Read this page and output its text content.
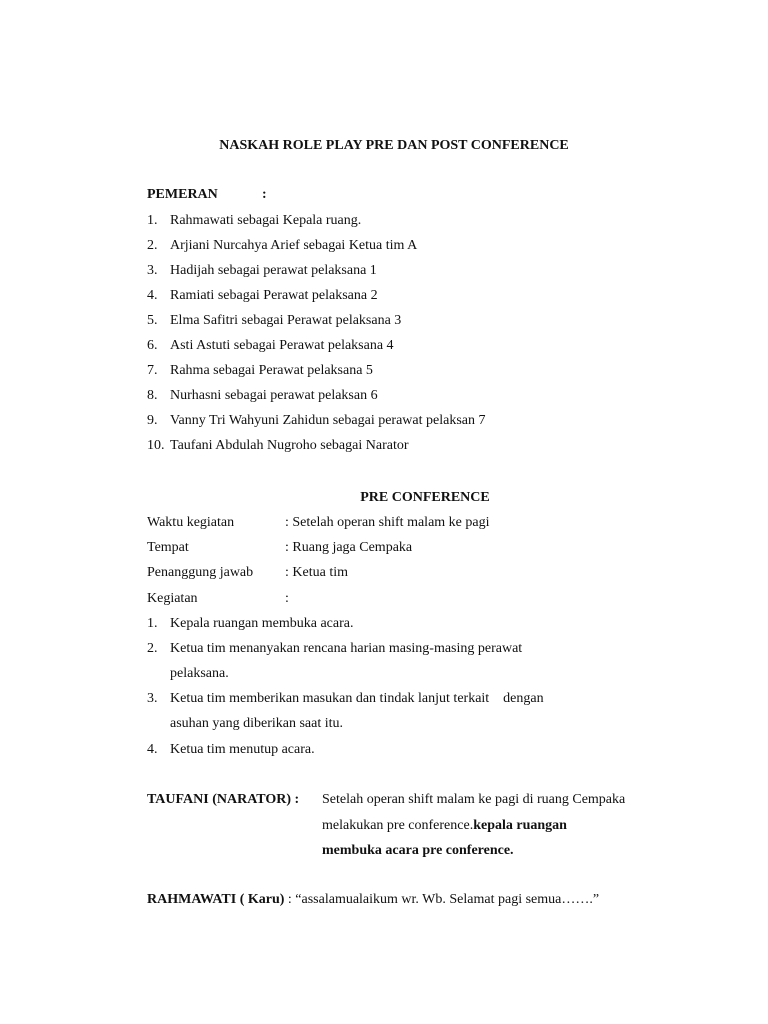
NASKAH ROLE PLAY PRE DAN POST CONFERENCE
PEMERAN	:
1. Rahmawati sebagai Kepala ruang.
2. Arjiani Nurcahya Arief sebagai Ketua tim A
3. Hadijah sebagai perawat pelaksana 1
4. Ramiati sebagai Perawat pelaksana 2
5. Elma Safitri sebagai Perawat pelaksana 3
6. Asti Astuti sebagai Perawat pelaksana 4
7. Rahma sebagai Perawat pelaksana 5
8. Nurhasni sebagai perawat pelaksan 6
9. Vanny Tri Wahyuni Zahidun sebagai perawat pelaksan 7
10. Taufani Abdulah Nugroho sebagai Narator
PRE CONFERENCE
Waktu kegiatan	: Setelah operan shift malam ke pagi
Tempat	: Ruang jaga Cempaka
Penanggung jawab : Ketua tim
Kegiatan	:
1. Kepala ruangan membuka acara.
2. Ketua tim menanyakan rencana harian masing-masing perawat
pelaksana.
3. Ketua tim memberikan masukan dan tindak lanjut terkait    dengan
asuhan yang diberikan saat itu.
4. Ketua tim menutup acara.
TAUFANI (NARATOR) : Setelah operan shift malam ke pagi di ruang Cempaka
melakukan pre conference.kepala ruangan
membuka acara pre conference.
RAHMAWATI ( Karu) : “assalamualaikum wr. Wb. Selamat pagi semua…….”
